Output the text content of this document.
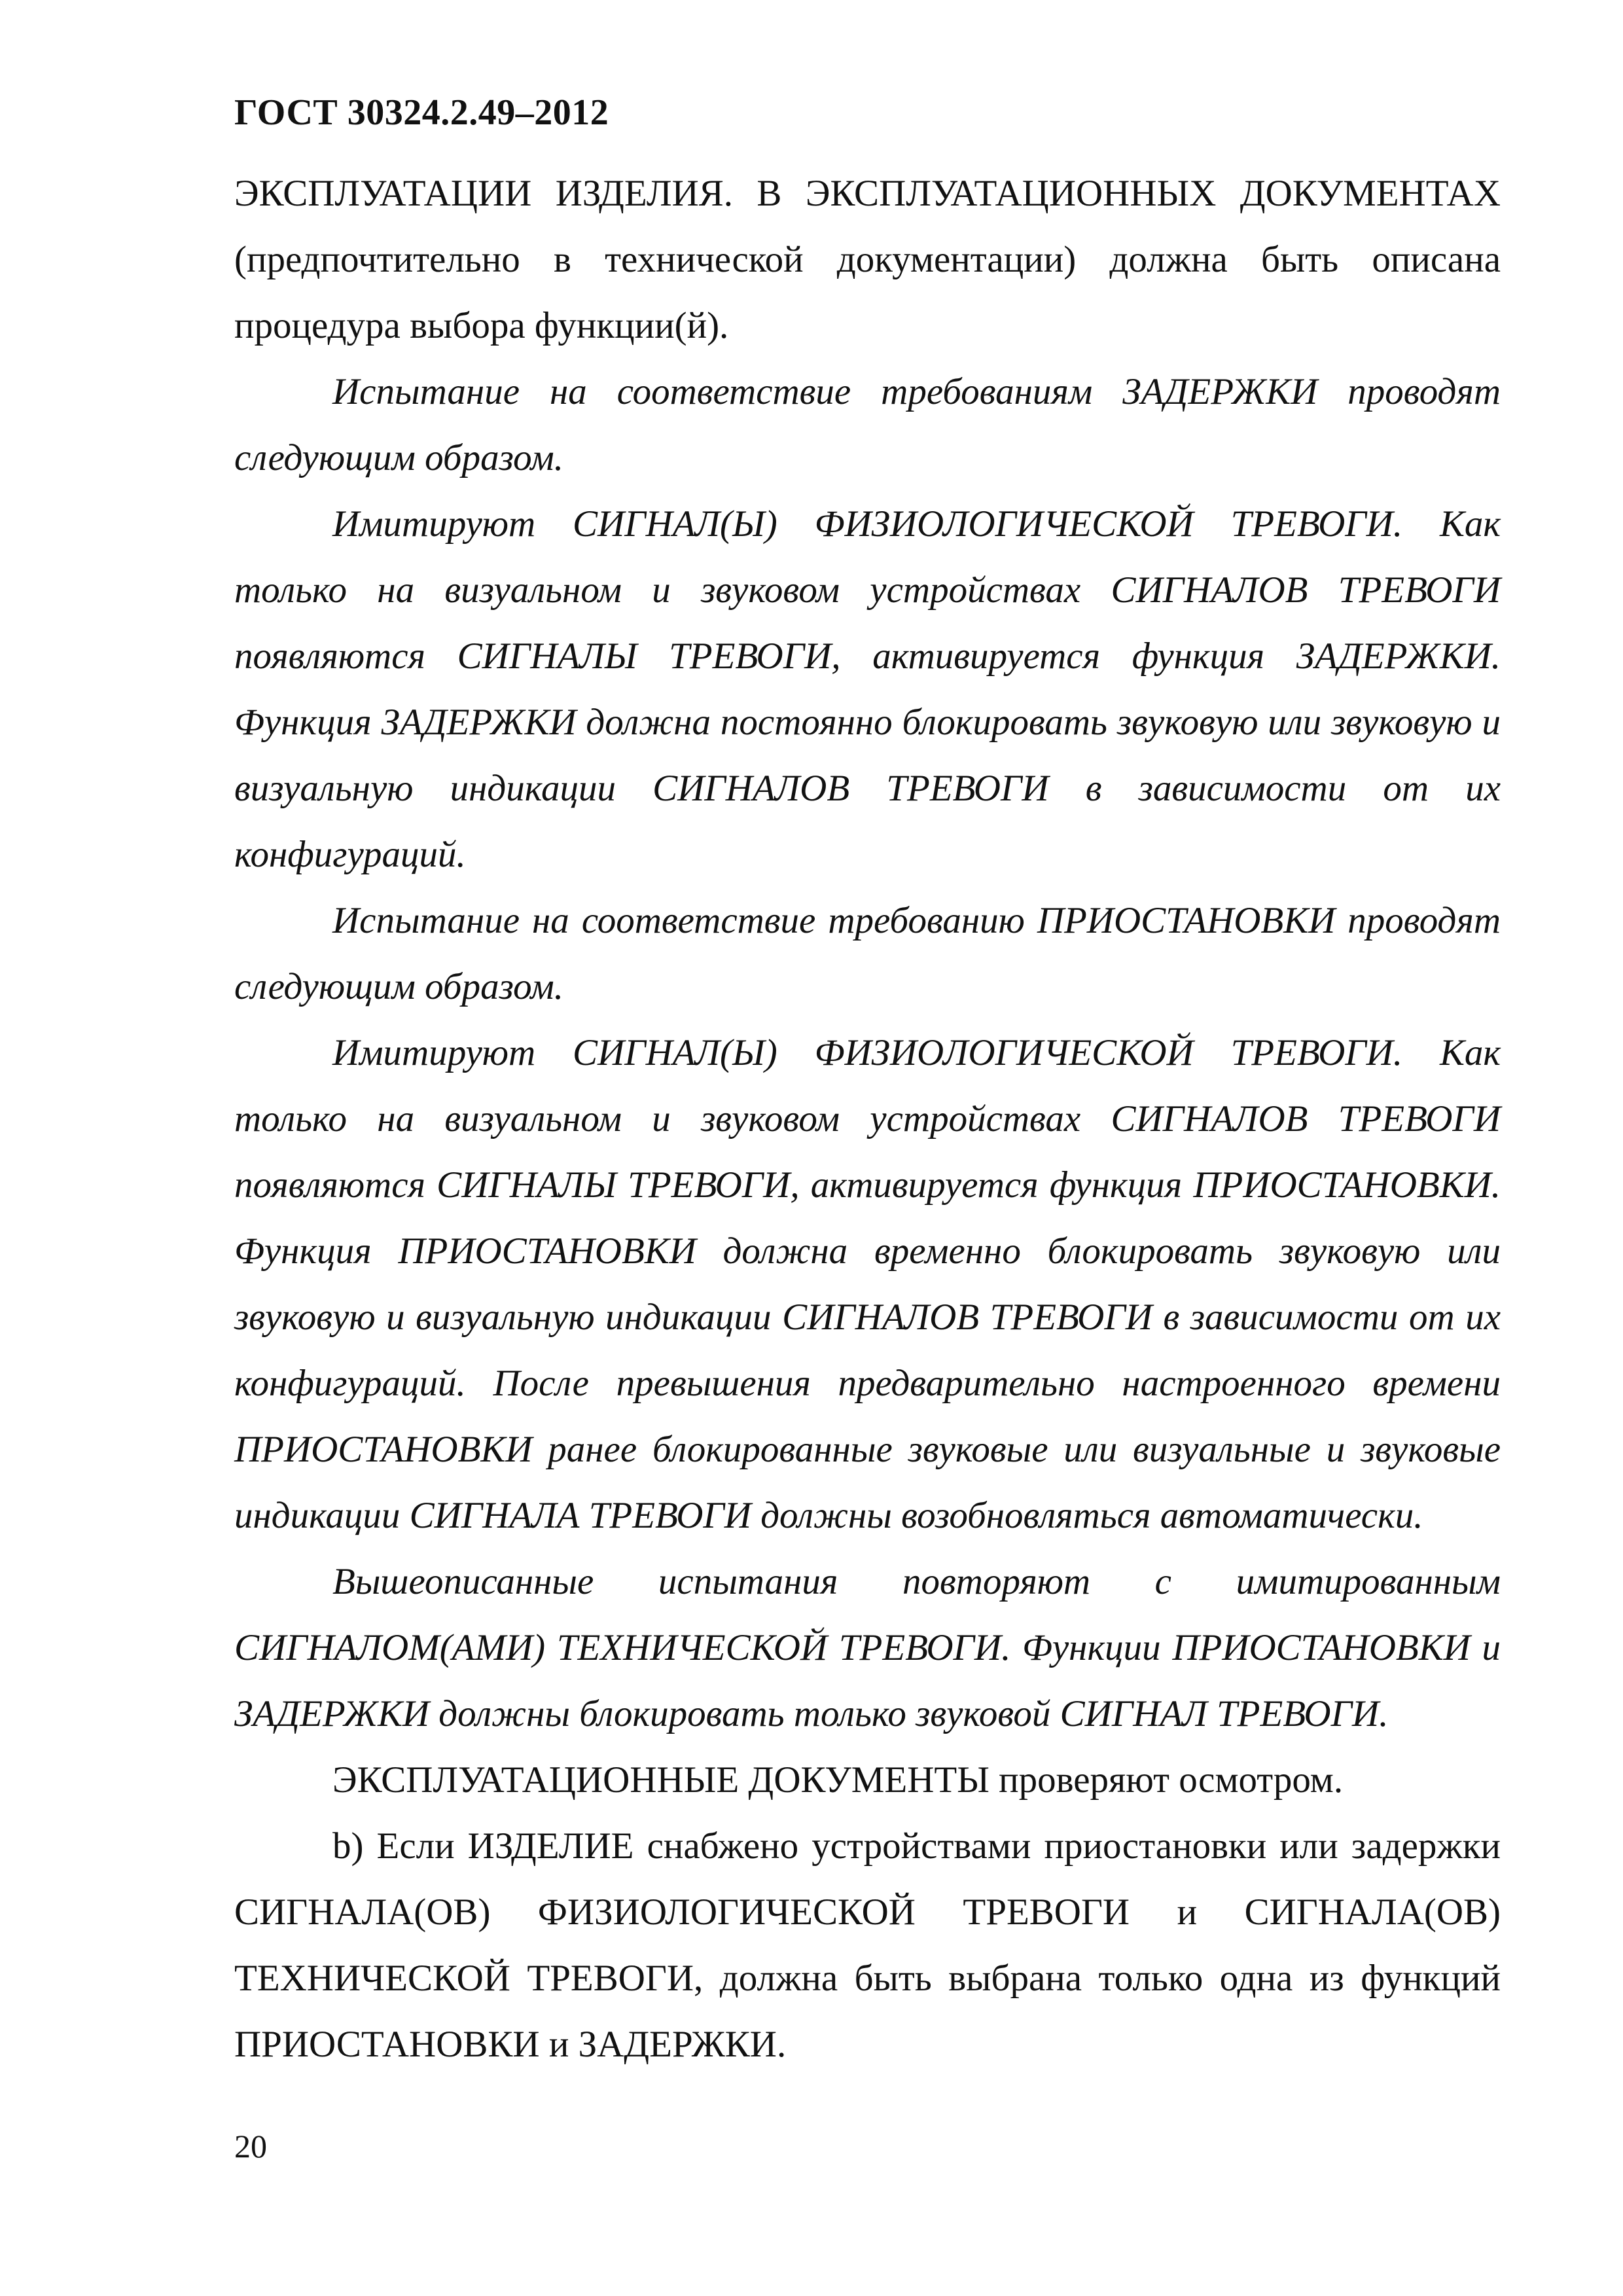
ГОСТ 30324.2.49–2012

ЭКСПЛУАТАЦИИ ИЗДЕЛИЯ. В ЭКСПЛУАТАЦИОННЫХ ДОКУМЕНТАХ (предпочтительно в технической документации) должна быть описана процедура выбора функции(й).

Испытание на соответствие требованиям ЗАДЕРЖКИ проводят следующим образом.

Имитируют СИГНАЛ(Ы) ФИЗИОЛОГИЧЕСКОЙ ТРЕВОГИ. Как только на визуальном и звуковом устройствах СИГНАЛОВ ТРЕВОГИ появляются СИГНАЛЫ ТРЕВОГИ, активируется функция ЗАДЕРЖКИ. Функция ЗАДЕРЖКИ должна постоянно блокировать звуковую или звуковую и визуальную индикации СИГНАЛОВ ТРЕВОГИ в зависимости от их конфигураций.

Испытание на соответствие требованию ПРИОСТАНОВКИ проводят следующим образом.

Имитируют СИГНАЛ(Ы) ФИЗИОЛОГИЧЕСКОЙ ТРЕВОГИ. Как только на визуальном и звуковом устройствах СИГНАЛОВ ТРЕВОГИ появляются СИГНАЛЫ ТРЕВОГИ, активируется функция ПРИОСТАНОВКИ. Функция ПРИОСТАНОВКИ должна временно блокировать звуковую или звуковую и визуальную индикации СИГНАЛОВ ТРЕВОГИ в зависимости от их конфигураций. После превышения предварительно настроенного времени ПРИОСТАНОВКИ ранее блокированные звуковые или визуальные и звуковые индикации СИГНАЛА ТРЕВОГИ должны возобновляться автоматически.

Вышеописанные испытания повторяют с имитированным СИГНАЛОМ(АМИ) ТЕХНИЧЕСКОЙ ТРЕВОГИ. Функции ПРИОСТАНОВКИ и ЗАДЕРЖКИ должны блокировать только звуковой СИГНАЛ ТРЕВОГИ.

ЭКСПЛУАТАЦИОННЫЕ ДОКУМЕНТЫ проверяют осмотром.

b) Если ИЗДЕЛИЕ снабжено устройствами приостановки или задержки СИГНАЛА(ОВ) ФИЗИОЛОГИЧЕСКОЙ ТРЕВОГИ и СИГНАЛА(ОВ) ТЕХНИЧЕСКОЙ ТРЕВОГИ, должна быть выбрана только одна из функций ПРИОСТАНОВКИ и ЗАДЕРЖКИ.

20
